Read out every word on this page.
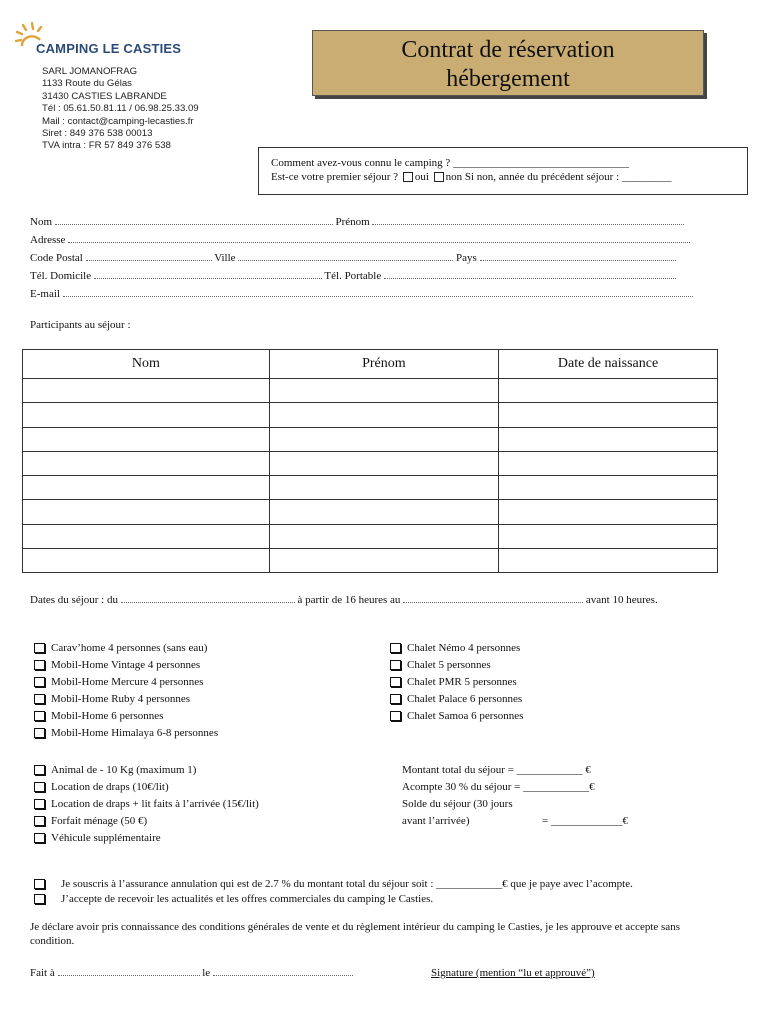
CAMPING LE CASTIES
SARL JOMANOFRAG
1133 Route du Gélas
31430 CASTIES LABRANDE
Tél : 05.61.50.81.11 / 06.98.25.33.09
Mail : contact@camping-lecasties.fr
Siret : 849 376 538 00013
TVA intra : FR 57 849 376 538
Contrat de réservation
hébergement
Comment avez-vous connu le camping ? ________________________________
Est-ce votre premier séjour ? oui non Si non, année du précédent séjour : _________
Nom	Prénom
Adresse
Code Postal	Ville	Pays
Tél. Domicile	Tél. Portable
E-mail
Participants au séjour :
Nom	Prénom	Date de naissance

Dates du séjour : du	à partir de 16 heures au	avant 10 heures.
Carav’home 4 personnes (sans eau)
Mobil-Home Vintage 4 personnes
Mobil-Home Mercure 4 personnes
Mobil-Home Ruby 4 personnes
Mobil-Home 6 personnes
Mobil-Home Himalaya 6-8 personnes
Chalet Némo 4 personnes
Chalet 5 personnes
Chalet PMR 5 personnes
Chalet Palace 6 personnes
Chalet Samoa 6 personnes
Animal de - 10 Kg (maximum 1)
Location de draps (10€/lit)
Location de draps + lit faits à l’arrivée (15€/lit)
Forfait ménage (50 €)
Véhicule supplémentaire
Montant total du séjour = ____________ €
Acompte 30 % du séjour = ____________€
Solde du séjour (30 jours
avant l’arrivée)	= _____________€
Je souscris à l’assurance annulation qui est de 2.7 % du montant total du séjour soit : ____________€ que je paye avec l’acompte.
J’accepte de recevoir les actualités et les offres commerciales du camping le Casties.
Je déclare avoir pris connaissance des conditions générales de vente et du règlement intérieur du camping le Casties, je les approuve et accepte sans condition.
Fait à	le	Signature (mention “lu et approuvé”)
